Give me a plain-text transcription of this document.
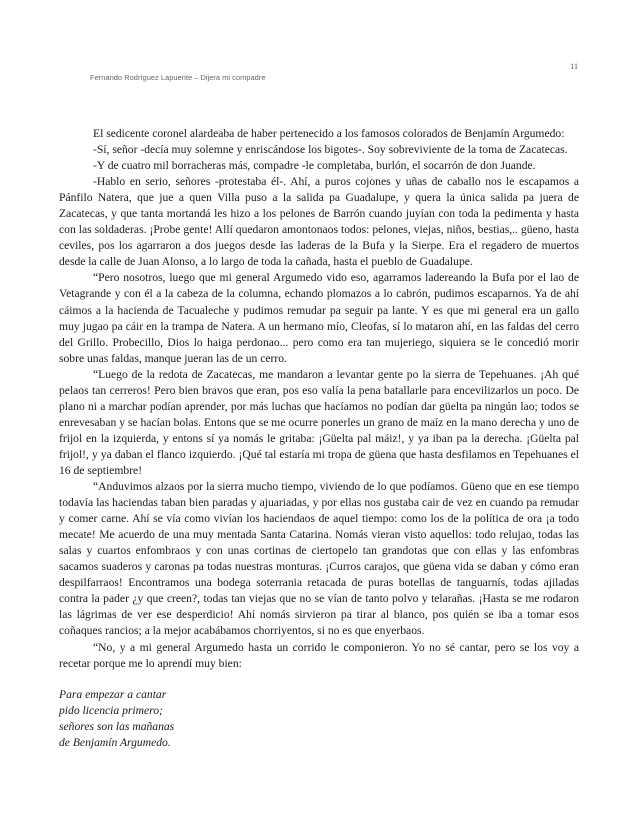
11
Fernando Rodríguez Lapuente – Dijera mi compadre

El sedicente coronel alardeaba de haber pertenecido a los famosos colorados de Benjamín Argumedo:

-Sí, señor -decía muy solemne y enriscándose los bigotes-. Soy sobreviviente de la toma de Zacatecas.

-Y de cuatro mil borracheras más, compadre -le completaba, burlón, el socarrón de don Juande.

-Hablo en serio, señores -protestaba él-. Ahí, a puros cojones y uñas de caballo nos le escapamos a Pánfilo Natera, que jue a quen Villa puso a la salida pa Guadalupe, y quera la única salida pa juera de Zacatecas, y que tanta mortandá les hizo a los pelones de Barrón cuando juyían con toda la pedimenta y hasta con las soldaderas. ¡Probe gente! Allí quedaron amontonaos todos: pelones, viejas, niños, bestias,.. güeno, hasta ceviles, pos los agarraron a dos juegos desde las laderas de la Bufa y la Sierpe. Era el regadero de muertos desde la calle de Juan Alonso, a lo largo de toda la cañada, hasta el pueblo de Guadalupe.

“Pero nosotros, luego que mi general Argumedo vido eso, agarramos ladereando la Bufa por el lao de Vetagrande y con él a la cabeza de la columna, echando plomazos a lo cabrón, pudimos escaparnos. Ya de ahí cáimos a la hacienda de Tacualeche y pudimos remudar pa seguir pa lante. Y es que mi general era un gallo muy jugao pa cáir en la trampa de Natera. A un hermano mío, Cleofas, sí lo mataron ahí, en las faldas del cerro del Grillo. Probecillo, Dios lo haiga perdonao... pero como era tan mujeriego, siquiera se le concedió morir sobre unas faldas, manque jueran las de un cerro.

“Luego de la redota de Zacatecas, me mandaron a levantar gente po la sierra de Tepehuanes. ¡Ah qué pelaos tan cerreros! Pero bien bravos que eran, pos eso valía la pena batallarle para encevilizarlos un poco. De plano ni a marchar podían aprender, por más luchas que hacíamos no podían dar güelta pa ningún lao; todos se enrevesaban y se hacían bolas. Entons que se me ocurre ponerles un grano de maíz en la mano derecha y uno de frijol en la izquierda, y entons sí ya nomás le gritaba: ¡Güelta pal máiz!, y ya iban pa la derecha. ¡Güelta pal frijol!, y ya daban el flanco izquierdo. ¡Qué tal estaría mi tropa de güena que hasta desfilamos en Tepehuanes el 16 de septiembre!

“Anduvimos alzaos por la sierra mucho tiempo, viviendo de lo que podíamos. Güeno que en ese tiempo todavía las haciendas taban bien paradas y ajuariadas, y por ellas nos gustaba cair de vez en cuando pa remudar y comer carne. Ahí se vía como vivían los haciendaos de aquel tiempo: como los de la política de ora ¡a todo mecate! Me acuerdo de una muy mentada Santa Catarina. Nomás vieran visto aquellos: todo relujao, todas las salas y cuartos enfombraos y con unas cortinas de ciertopelo tan grandotas que con ellas y las enfombras sacamos suaderos y caronas pa todas nuestras monturas. ¡Curros carajos, que güena vida se daban y cómo eran despilfarraos! Encontramos una bodega soterrania retacada de puras botellas de tanguarnís, todas ajiladas contra la pader ¿y que creen?, todas tan viejas que no se vían de tanto polvo y telarañas. ¡Hasta se me rodaron las lágrimas de ver ese desperdicio! Ahí nomás sirvieron pa tirar al blanco, pos quién se iba a tomar esos coñaques rancios; a la mejor acabábamos chorriyentos, si no es que enyerbaos.

“No, y a mi general Argumedo hasta un corrido le componieron. Yo no sé cantar, pero se los voy a recetar porque me lo aprendí muy bien:

Para empezar a cantar
pido licencia primero;
señores son las mañanas
de Benjamín Argumedo.
